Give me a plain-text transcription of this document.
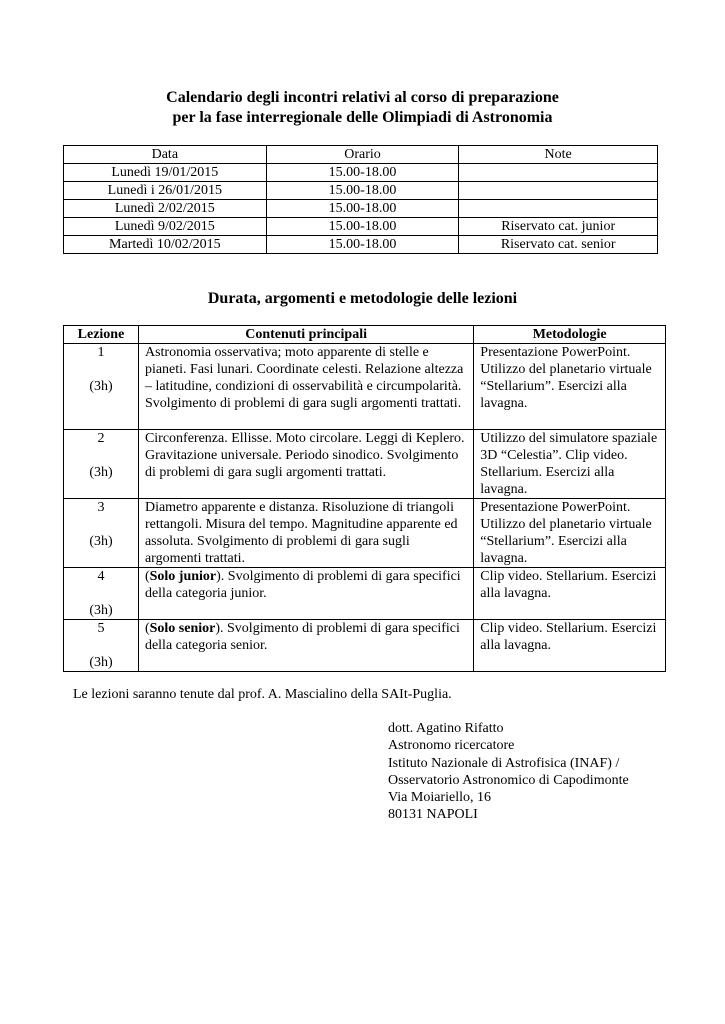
Calendario degli incontri relativi al corso di preparazione
per la fase interregionale delle Olimpiadi di Astronomia
Data	Orario	Note
Lunedì 19/01/2015	15.00-18.00	
Lunedì i 26/01/2015	15.00-18.00	
Lunedì 2/02/2015	15.00-18.00	
Lunedì 9/02/2015	15.00-18.00	Riservato cat. junior
Martedì 10/02/2015	15.00-18.00	Riservato cat. senior
Durata, argomenti e metodologie delle lezioni
Lezione	Contenuti principali	Metodologie

1
(3h)	Astronomia osservativa; moto apparente di stelle e pianeti. Fasi lunari. Coordinate celesti. Relazione altezza – latitudine, condizioni di osservabilità e circumpolarità. Svolgimento di problemi di gara sugli argomenti trattati.	Presentazione PowerPoint. Utilizzo del planetario virtuale “Stellarium”. Esercizi alla lavagna.

2
(3h)	Circonferenza. Ellisse. Moto circolare. Leggi di Keplero. Gravitazione universale. Periodo sinodico. Svolgimento di problemi di gara sugli argomenti trattati.	Utilizzo del simulatore spaziale 3D “Celestia”. Clip video. Stellarium. Esercizi alla lavagna.

3
(3h)	Diametro apparente e distanza. Risoluzione di triangoli rettangoli. Misura del tempo. Magnitudine apparente ed assoluta. Svolgimento di problemi di gara sugli argomenti trattati.	Presentazione PowerPoint. Utilizzo del planetario virtuale “Stellarium”. Esercizi alla lavagna.

4
(3h)	(Solo junior). Svolgimento di problemi di gara specifici della categoria junior.	Clip video. Stellarium. Esercizi alla lavagna.

5
(3h)	(Solo senior). Svolgimento di problemi di gara specifici della categoria senior.	Clip video. Stellarium. Esercizi alla lavagna.
Le lezioni saranno tenute dal prof. A. Mascialino della SAIt-Puglia.
dott. Agatino Rifatto
Astronomo ricercatore
Istituto Nazionale di Astrofisica (INAF) /
Osservatorio Astronomico di Capodimonte
Via Moiariello, 16
80131 NAPOLI
